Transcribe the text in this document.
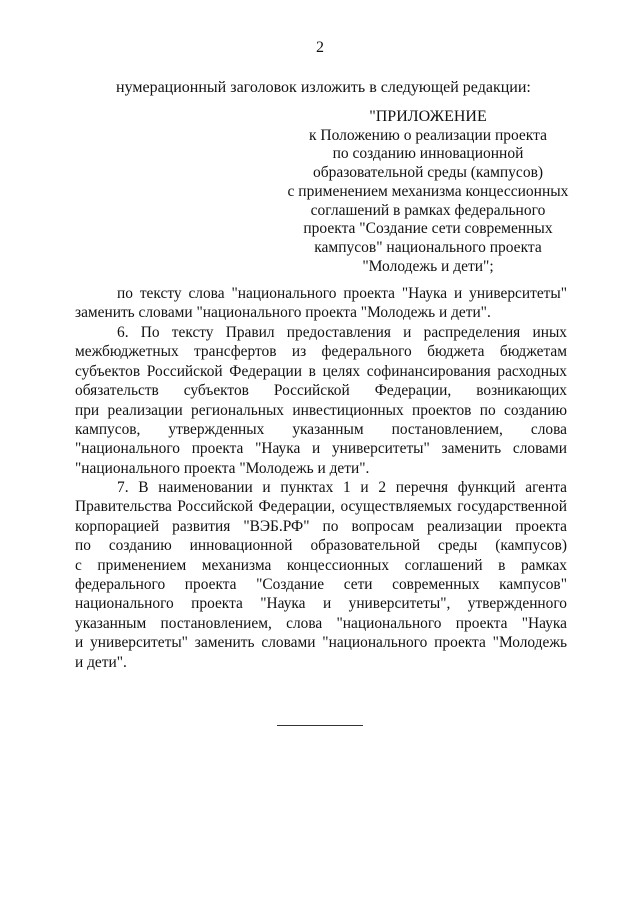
2
нумерационный заголовок изложить в следующей редакции:
"ПРИЛОЖЕНИЕ
к Положению о реализации проекта
по созданию инновационной
образовательной среды (кампусов)
с применением механизма концессионных
соглашений в рамках федерального
проекта "Создание сети современных
кампусов" национального проекта
"Молодежь и дети";
по тексту слова "национального проекта "Наука и университеты"
заменить словами "национального проекта "Молодежь и дети".
6. По тексту Правил предоставления и распределения иных
межбюджетных трансфертов из федерального бюджета бюджетам
субъектов Российской Федерации в целях софинансирования расходных
обязательств субъектов Российской Федерации, возникающих
при реализации региональных инвестиционных проектов по созданию
кампусов, утвержденных указанным постановлением, слова
"национального проекта "Наука и университеты" заменить словами
"национального проекта "Молодежь и дети".
7. В наименовании и пунктах 1 и 2 перечня функций агента
Правительства Российской Федерации, осуществляемых государственной
корпорацией развития "ВЭБ.РФ" по вопросам реализации проекта
по созданию инновационной образовательной среды (кампусов)
с применением механизма концессионных соглашений в рамках
федерального проекта "Создание сети современных кампусов"
национального проекта "Наука и университеты", утвержденного
указанным постановлением, слова "национального проекта "Наука
и университеты" заменить словами "национального проекта "Молодежь
и дети".
